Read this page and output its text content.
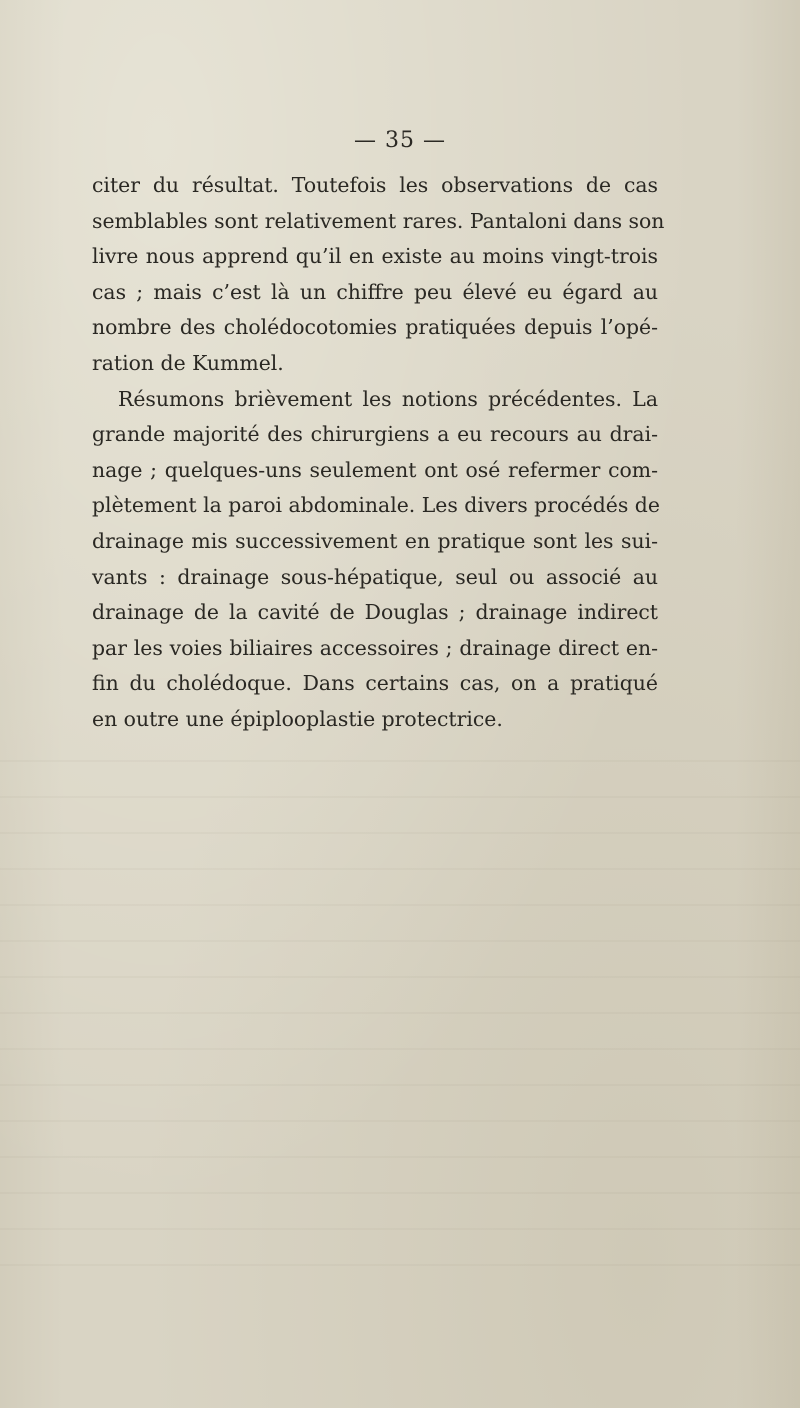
— 35 —
citer du résultat. Toutefois les observations de cas
semblables sont relativement rares. Pantaloni dans son
livre nous apprend qu’il en existe au moins vingt-trois
cas ; mais c’est là un chiffre peu élevé eu égard au
nombre des cholédocotomies pratiquées depuis l’opé-
ration de Kummel.
Résumons brièvement les notions précédentes. La
grande majorité des chirurgiens a eu recours au drai-
nage ; quelques-uns seulement ont osé refermer com-
plètement la paroi abdominale. Les divers procédés de
drainage mis successivement en pratique sont les sui-
vants : drainage sous-hépatique, seul ou associé au
drainage de la cavité de Douglas ; drainage indirect
par les voies biliaires accessoires ; drainage direct en-
fin du cholédoque. Dans certains cas, on a pratiqué
en outre une épiplooplastie protectrice.
